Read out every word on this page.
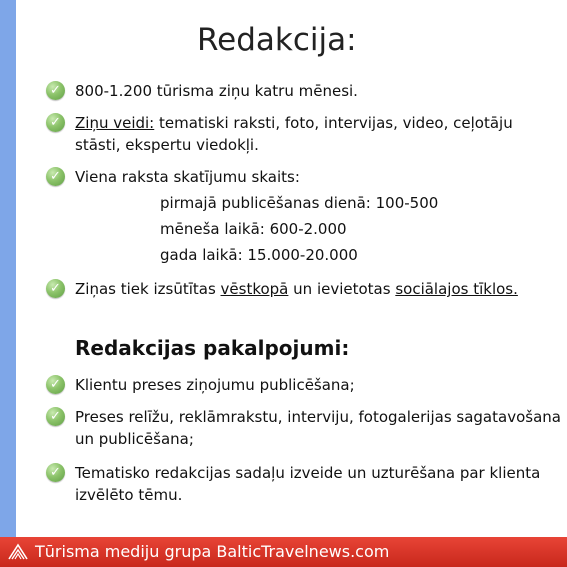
Redakcija:
✓ 800-1.200 tūrisma ziņu katru mēnesi.
✓ Ziņu veidi: tematiski raksti, foto, intervijas, video, ceļotāju
stāsti, ekspertu viedokļi.
✓ Viena raksta skatījumu skaits:
pirmajā publicēšanas dienā: 100-500
mēneša laikā: 600-2.000
gada laikā: 15.000-20.000
✓ Ziņas tiek izsūtītas vēstkopā un ievietotas sociālajos tīklos.
Redakcijas pakalpojumi:
✓ Klientu preses ziņojumu publicēšana;
✓ Preses relīžu, reklāmrakstu, interviju, fotogalerijas sagatavošana
un publicēšana;
✓ Tematisko redakcijas sadaļu izveide un uzturēšana par klienta
izvēlēto tēmu.
Tūrisma mediju grupa BalticTravelnews.com
